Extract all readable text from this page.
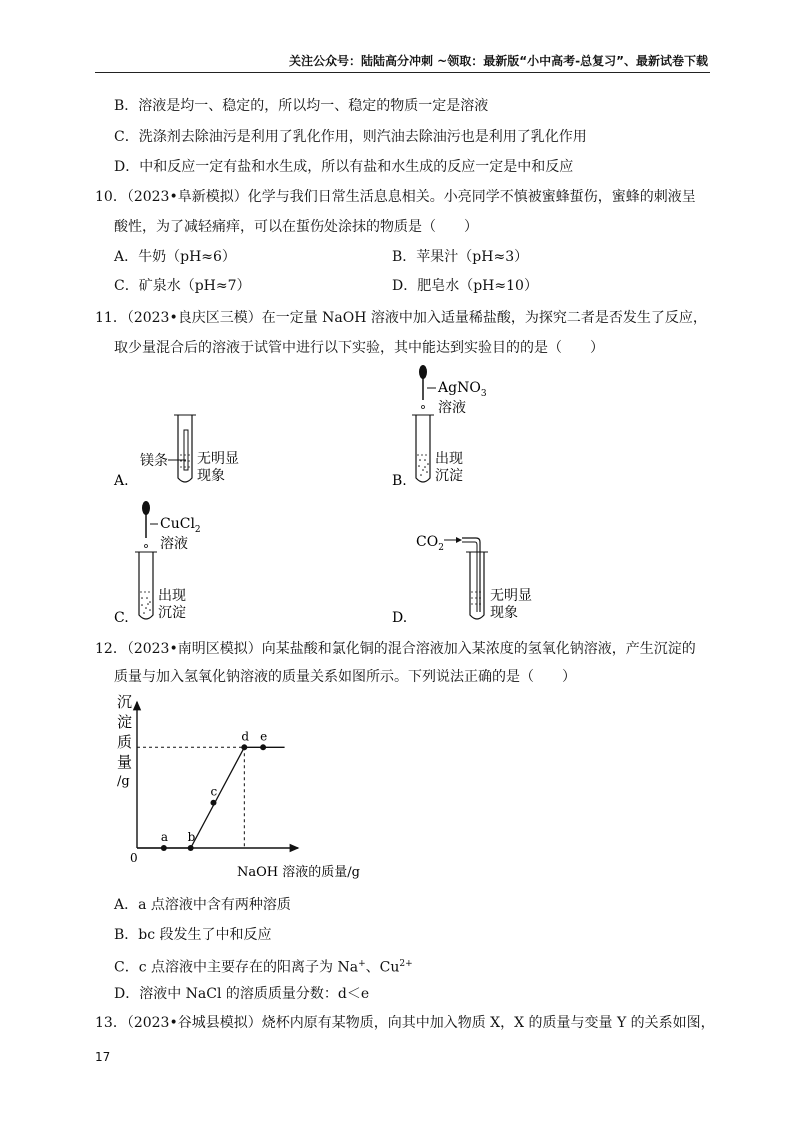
关注公众号：陆陆高分冲刺 ~领取：最新版“小中高考-总复习”、最新试卷下载
B．溶液是均一、稳定的，所以均一、稳定的物质一定是溶液
C．洗涤剂去除油污是利用了乳化作用，则汽油去除油污也是利用了乳化作用
D．中和反应一定有盐和水生成，所以有盐和水生成的反应一定是中和反应
10．（2023•阜新模拟）化学与我们日常生活息息相关。小亮同学不慎被蜜蜂蜇伤，蜜蜂的刺液呈
酸性，为了减轻痛痒，可以在蜇伤处涂抹的物质是（　　）
A．牛奶（pH≈6）	B．苹果汁（pH≈3）
C．矿泉水（pH≈7）	D．肥皂水（pH≈10）
11．（2023•良庆区三模）在一定量 NaOH 溶液中加入适量稀盐酸，为探究二者是否发生了反应，
取少量混合后的溶液于试管中进行以下实验，其中能达到实验目的的是（　　）
A.
镁条 无明显
现象	B.
AgNO$_3$
溶液
出现
沉淀
C.
CuCl$_2$
溶液
出现
沉淀	D.
$CO_2$
无明显
现象
12．（2023•南明区模拟）向某盐酸和氯化铜的混合溶液加入某浓度的氢氧化钠溶液，产生沉淀的
质量与加入氢氧化钠溶液的质量关系如图所示。下列说法正确的是（　　）
沉
淀
质
量
/g
0
NaOH 溶液的质量/g
a b
c
d e
A．a 点溶液中含有两种溶质
B．bc 段发生了中和反应
C．c 点溶液中主要存在的阳离子为 Na+、$Cu^{2+}$
D．溶液中 NaCl 的溶质质量分数：d＜e
13．（2023•谷城县模拟）烧杯内原有某物质，向其中加入物质 X，X 的质量与变量 Y 的关系如图，
17
